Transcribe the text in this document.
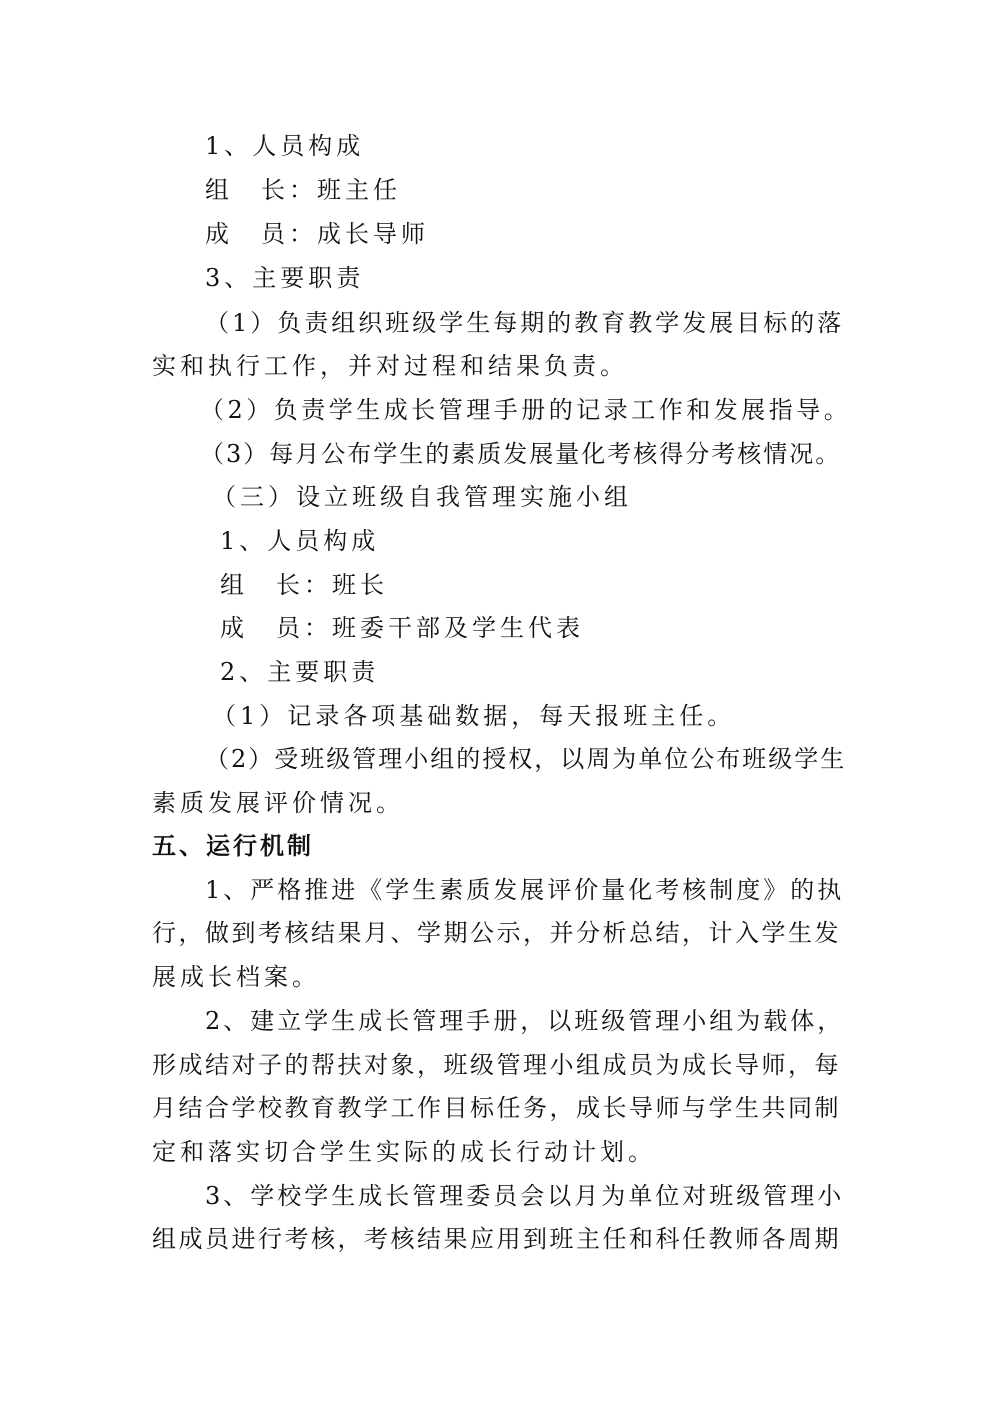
1、人员构成
组　长：班主任
成　员：成长导师
3、主要职责
（1）负责组织班级学生每期的教育教学发展目标的落
实和执行工作，并对过程和结果负责。
（2）负责学生成长管理手册的记录工作和发展指导。
（3）每月公布学生的素质发展量化考核得分考核情况。
（三）设立班级自我管理实施小组
1、人员构成
组　长：班长
成　员：班委干部及学生代表
2、主要职责
（1）记录各项基础数据，每天报班主任。
（2）受班级管理小组的授权，以周为单位公布班级学生
素质发展评价情况。
五、运行机制
1、严格推进《学生素质发展评价量化考核制度》的执
行，做到考核结果月、学期公示，并分析总结，计入学生发
展成长档案。
2、建立学生成长管理手册，以班级管理小组为载体，
形成结对子的帮扶对象，班级管理小组成员为成长导师，每
月结合学校教育教学工作目标任务，成长导师与学生共同制
定和落实切合学生实际的成长行动计划。
3、学校学生成长管理委员会以月为单位对班级管理小
组成员进行考核，考核结果应用到班主任和科任教师各周期
